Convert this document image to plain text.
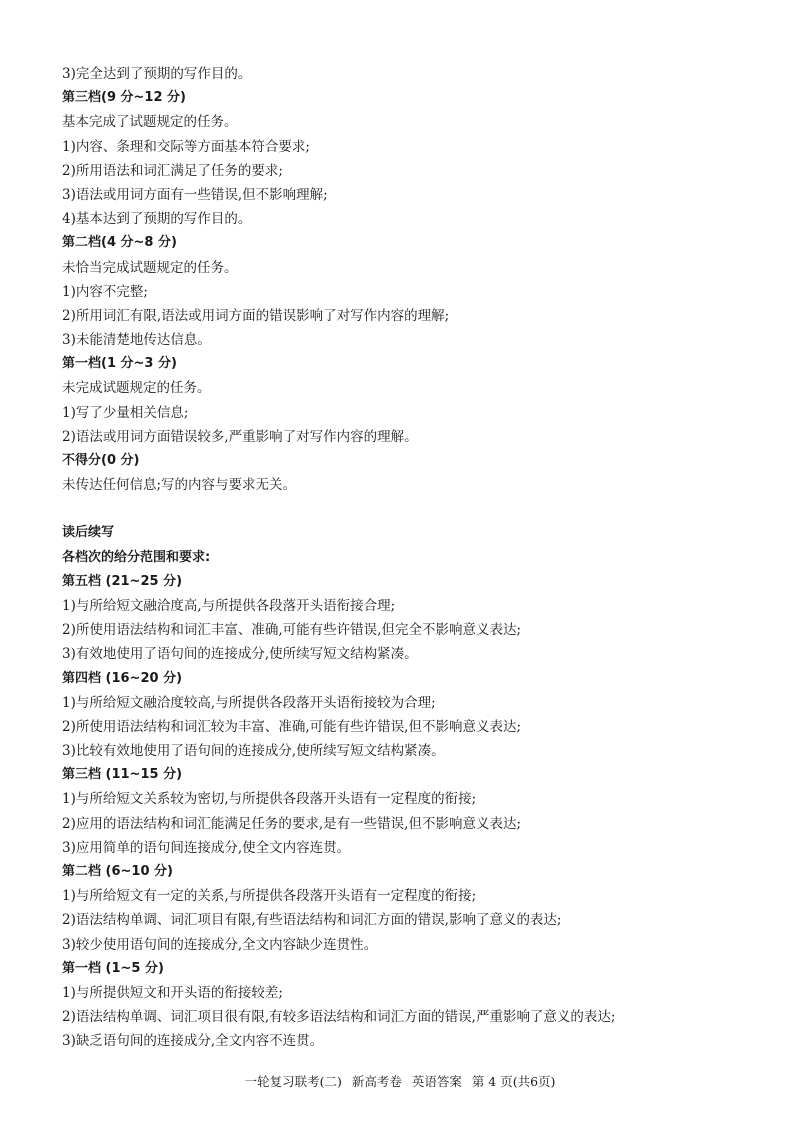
3)完全达到了预期的写作目的。
第三档(9 分~12 分)
基本完成了试题规定的任务。
1)内容、条理和交际等方面基本符合要求;
2)所用语法和词汇满足了任务的要求;
3)语法或用词方面有一些错误,但不影响理解;
4)基本达到了预期的写作目的。
第二档(4 分~8 分)
未恰当完成试题规定的任务。
1)内容不完整;
2)所用词汇有限,语法或用词方面的错误影响了对写作内容的理解;
3)未能清楚地传达信息。
第一档(1 分~3 分)
未完成试题规定的任务。
1)写了少量相关信息;
2)语法或用词方面错误较多,严重影响了对写作内容的理解。
不得分(0 分)
未传达任何信息;写的内容与要求无关。
读后续写
各档次的给分范围和要求:
第五档 (21~25 分)
1)与所给短文融洽度高,与所提供各段落开头语衔接合理;
2)所使用语法结构和词汇丰富、准确,可能有些许错误,但完全不影响意义表达;
3)有效地使用了语句间的连接成分,使所续写短文结构紧凑。
第四档 (16~20 分)
1)与所给短文融洽度较高,与所提供各段落开头语衔接较为合理;
2)所使用语法结构和词汇较为丰富、准确,可能有些许错误,但不影响意义表达;
3)比较有效地使用了语句间的连接成分,使所续写短文结构紧凑。
第三档 (11~15 分)
1)与所给短文关系较为密切,与所提供各段落开头语有一定程度的衔接;
2)应用的语法结构和词汇能满足任务的要求,是有一些错误,但不影响意义表达;
3)应用简单的语句间连接成分,使全文内容连贯。
第二档 (6~10 分)
1)与所给短文有一定的关系,与所提供各段落开头语有一定程度的衔接;
2)语法结构单调、词汇项目有限,有些语法结构和词汇方面的错误,影响了意义的表达;
3)较少使用语句间的连接成分,全文内容缺少连贯性。
第一档 (1~5 分)
1)与所提供短文和开头语的衔接较差;
2)语法结构单调、词汇项目很有限,有较多语法结构和词汇方面的错误,严重影响了意义的表达;
3)缺乏语句间的连接成分,全文内容不连贯。
一轮复习联考(二) 新高考卷 英语答案 第 4 页(共6页)
